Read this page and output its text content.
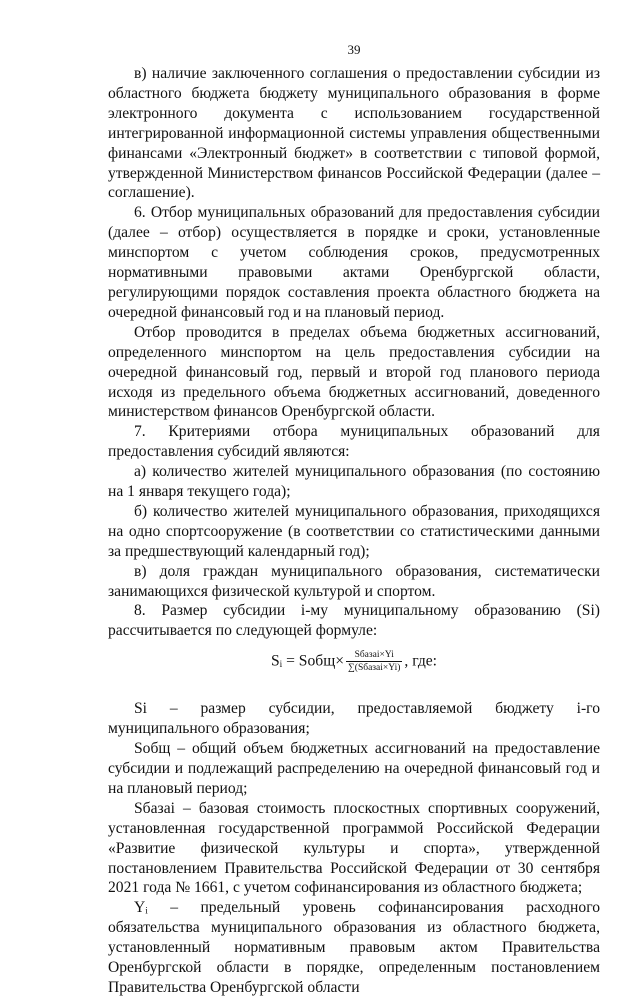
39

в) наличие заключенного соглашения о предоставлении субсидии из областного бюджета бюджету муниципального образования в форме электронного документа с использованием государственной интегрированной информационной системы управления общественными финансами «Электронный бюджет» в соответствии с типовой формой, утвержденной Министерством финансов Российской Федерации (далее – соглашение).

6. Отбор муниципальных образований для предоставления субсидии (далее – отбор) осуществляется в порядке и сроки, установленные минспортом с учетом соблюдения сроков, предусмотренных нормативными правовыми актами Оренбургской области, регулирующими порядок составления проекта областного бюджета на очередной финансовый год и на плановый период.

Отбор проводится в пределах объема бюджетных ассигнований, определенного минспортом на цель предоставления субсидии на очередной финансовый год, первый и второй год планового периода исходя из предельного объема бюджетных ассигнований, доведенного министерством финансов Оренбургской области.

7. Критериями отбора муниципальных образований для предоставления субсидий являются:

а) количество жителей муниципального образования (по состоянию на 1 января текущего года);

б) количество жителей муниципального образования, приходящихся на одно спортсооружение (в соответствии со статистическими данными за предшествующий календарный год);

в) доля граждан муниципального образования, систематически занимающихся физической культурой и спортом.

8. Размер субсидии i-му муниципальному образованию (Si) рассчитывается по следующей формуле:

Sᵢ = Sобщ× $\frac{\text{Sбазаi×Yi}}{\text{∑(Sбазаi×Yi)}}$ , где:

Si – размер субсидии, предоставляемой бюджету i-го муниципального образования;

Sобщ – общий объем бюджетных ассигнований на предоставление субсидии и подлежащий распределению на очередной финансовый год и на плановый период;

Sбазаi – базовая стоимость плоскостных спортивных сооружений, установленная государственной программой Российской Федерации «Развитие физической культуры и спорта», утвержденной постановлением Правительства Российской Федерации от 30 сентября 2021 года № 1661, с учетом софинансирования из областного бюджета;

Yᵢ – предельный уровень софинансирования расходного обязательства муниципального образования из областного бюджета, установленный нормативным правовым актом Правительства Оренбургской области в порядке, определенным постановлением Правительства Оренбургской области
